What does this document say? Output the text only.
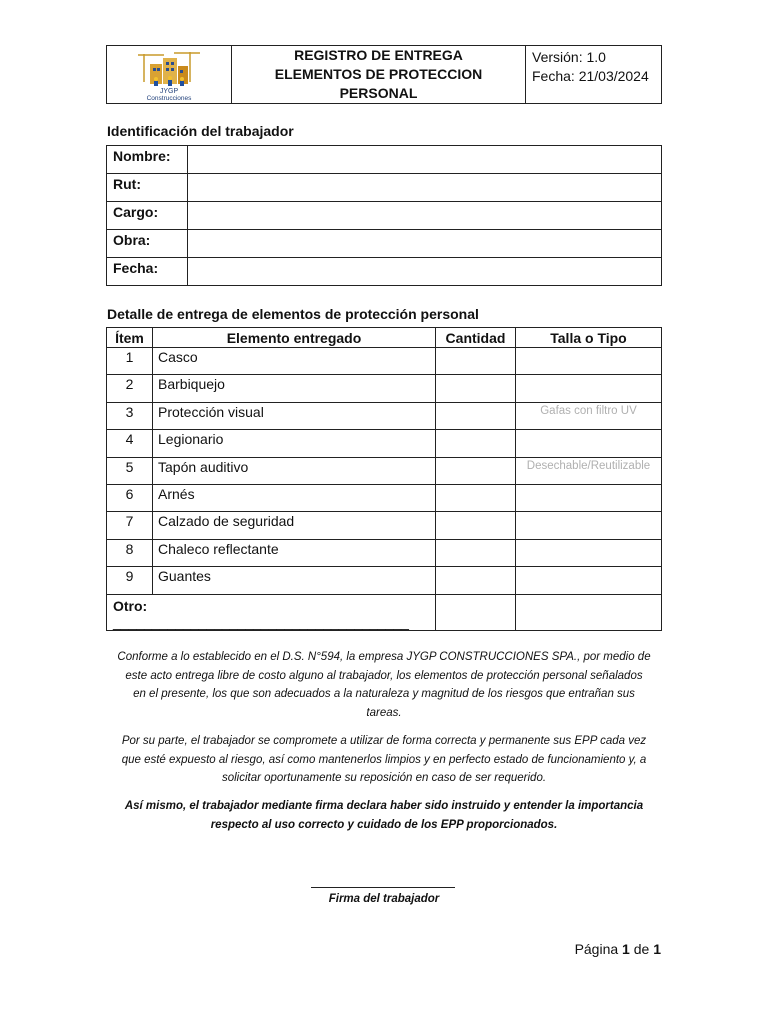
JYGP
Construcciones
REGISTRO DE ENTREGA
ELEMENTOS DE PROTECCION
PERSONAL
Versión: 1.0
Fecha: 21/03/2024
Identificación del trabajador
Nombre:	
Rut:	
Cargo:	
Obra:	
Fecha:	
Detalle de entrega de elementos de protección personal
Ítem	Elemento entregado	Cantidad	Talla o Tipo
1	Casco		
2	Barbiquejo		
3	Protección visual		Gafas con filtro UV
4	Legionario		
5	Tapón auditivo		Desechable/Reutilizable
6	Arnés		
7	Calzado de seguridad		
8	Chaleco reflectante		
9	Guantes		
Otro: ______________________________________			
Conforme a lo establecido en el D.S. N°594, la empresa JYGP CONSTRUCCIONES SPA., por medio de
este acto entrega libre de costo alguno al trabajador, los elementos de protección personal señalados
en el presente, los que son adecuados a la naturaleza y magnitud de los riesgos que entrañan sus
tareas.
Por su parte, el trabajador se compromete a utilizar de forma correcta y permanente sus EPP cada vez
que esté expuesto al riesgo, así como mantenerlos limpios y en perfecto estado de funcionamiento y, a
solicitar oportunamente su reposición en caso de ser requerido.
Así mismo, el trabajador mediante firma declara haber sido instruido y entender la importancia
respecto al uso correcto y cuidado de los EPP proporcionados.
Firma del trabajador
Página 1 de 1
